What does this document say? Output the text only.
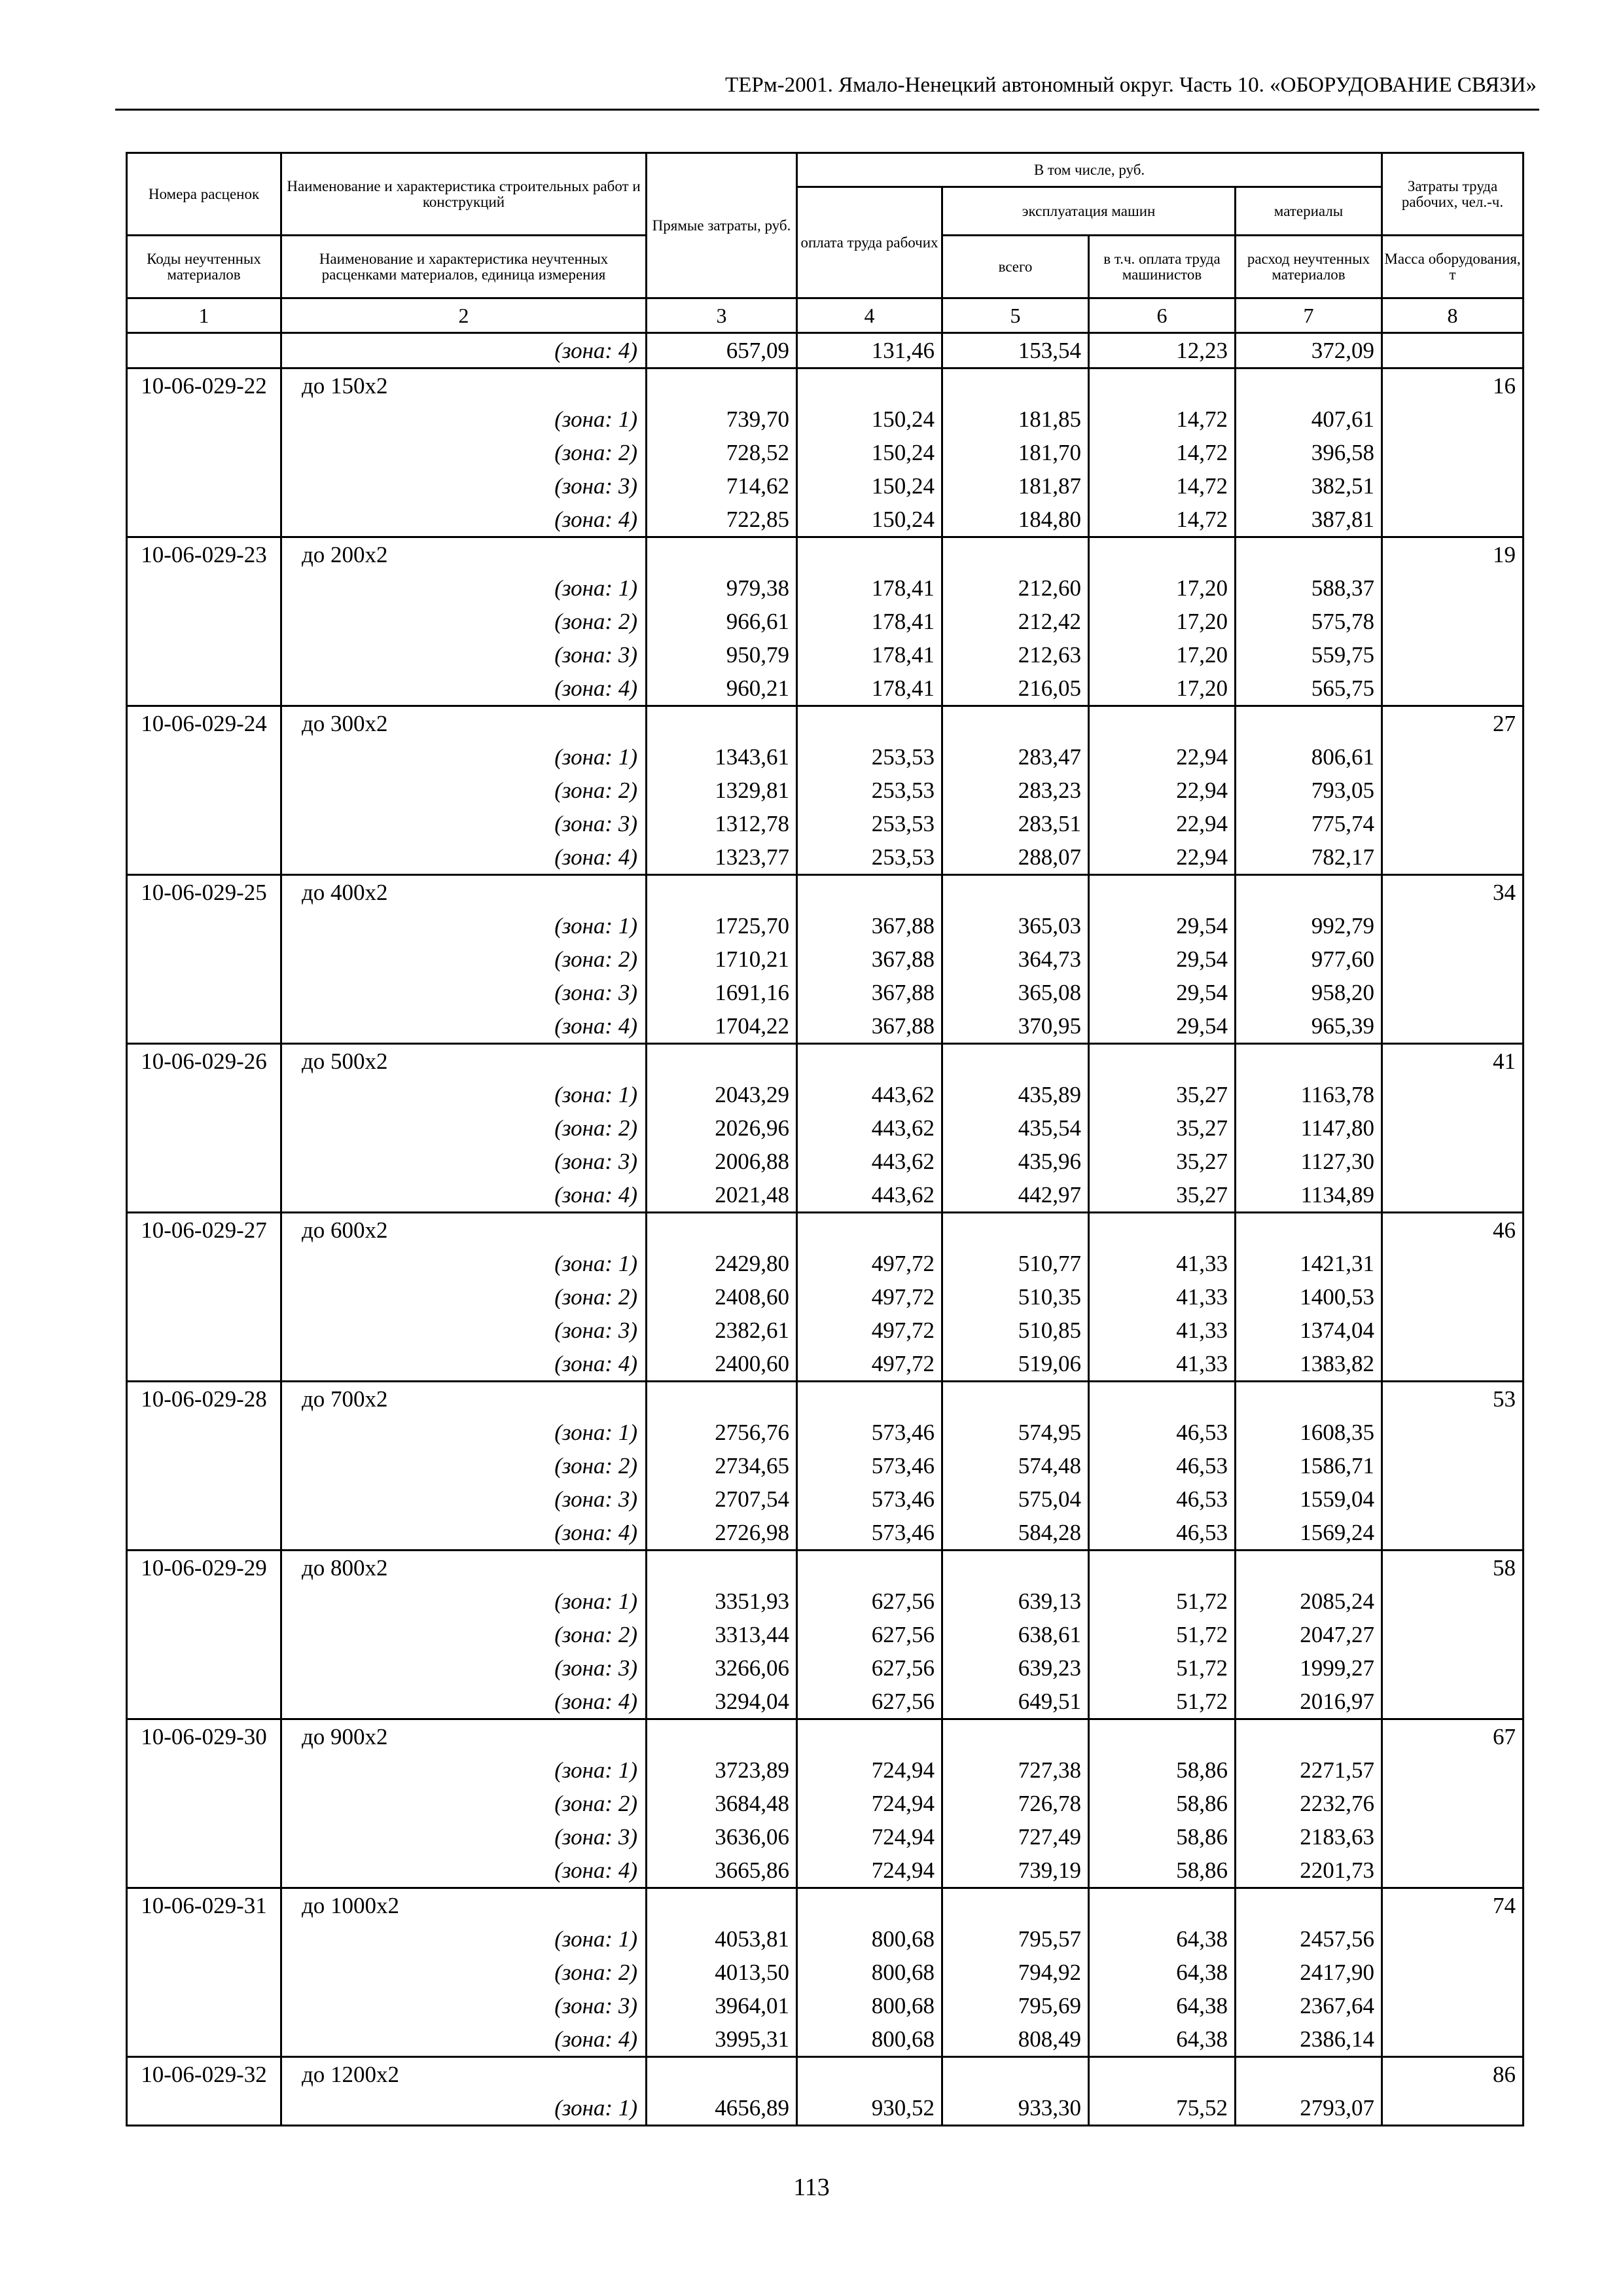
ТЕРм-2001. Ямало-Ненецкий автономный округ. Часть 10. «ОБОРУДОВАНИЕ СВЯЗИ»
Номера расценок	Наименование и характеристика строительных работ и конструкций	Прямые затраты, руб.	В том числе, руб.				Затраты труда рабочих, чел.-ч.
			оплата труда рабочих	эксплуатация машин		материалы	
Коды неучтенных материалов	Наименование и характеристика неучтенных расценками материалов, единица измерения			всего	в т.ч. оплата труда машинистов	расход неучтенных материалов	Масса оборудования, т
1	2	3	4	5	6	7	8
	(зона: 4)	657,09	131,46	153,54	12,23	372,09	
10-06-029-22	до 150х2						16
	(зона: 1)	739,70	150,24	181,85	14,72	407,61	
	(зона: 2)	728,52	150,24	181,70	14,72	396,58	
	(зона: 3)	714,62	150,24	181,87	14,72	382,51	
	(зона: 4)	722,85	150,24	184,80	14,72	387,81	
10-06-029-23	до 200х2						19
	(зона: 1)	979,38	178,41	212,60	17,20	588,37	
	(зона: 2)	966,61	178,41	212,42	17,20	575,78	
	(зона: 3)	950,79	178,41	212,63	17,20	559,75	
	(зона: 4)	960,21	178,41	216,05	17,20	565,75	
10-06-029-24	до 300х2						27
	(зона: 1)	1343,61	253,53	283,47	22,94	806,61	
	(зона: 2)	1329,81	253,53	283,23	22,94	793,05	
	(зона: 3)	1312,78	253,53	283,51	22,94	775,74	
	(зона: 4)	1323,77	253,53	288,07	22,94	782,17	
10-06-029-25	до 400х2						34
	(зона: 1)	1725,70	367,88	365,03	29,54	992,79	
	(зона: 2)	1710,21	367,88	364,73	29,54	977,60	
	(зона: 3)	1691,16	367,88	365,08	29,54	958,20	
	(зона: 4)	1704,22	367,88	370,95	29,54	965,39	
10-06-029-26	до 500х2						41
	(зона: 1)	2043,29	443,62	435,89	35,27	1163,78	
	(зона: 2)	2026,96	443,62	435,54	35,27	1147,80	
	(зона: 3)	2006,88	443,62	435,96	35,27	1127,30	
	(зона: 4)	2021,48	443,62	442,97	35,27	1134,89	
10-06-029-27	до 600х2						46
	(зона: 1)	2429,80	497,72	510,77	41,33	1421,31	
	(зона: 2)	2408,60	497,72	510,35	41,33	1400,53	
	(зона: 3)	2382,61	497,72	510,85	41,33	1374,04	
	(зона: 4)	2400,60	497,72	519,06	41,33	1383,82	
10-06-029-28	до 700х2						53
	(зона: 1)	2756,76	573,46	574,95	46,53	1608,35	
	(зона: 2)	2734,65	573,46	574,48	46,53	1586,71	
	(зона: 3)	2707,54	573,46	575,04	46,53	1559,04	
	(зона: 4)	2726,98	573,46	584,28	46,53	1569,24	
10-06-029-29	до 800х2						58
	(зона: 1)	3351,93	627,56	639,13	51,72	2085,24	
	(зона: 2)	3313,44	627,56	638,61	51,72	2047,27	
	(зона: 3)	3266,06	627,56	639,23	51,72	1999,27	
	(зона: 4)	3294,04	627,56	649,51	51,72	2016,97	
10-06-029-30	до 900х2						67
	(зона: 1)	3723,89	724,94	727,38	58,86	2271,57	
	(зона: 2)	3684,48	724,94	726,78	58,86	2232,76	
	(зона: 3)	3636,06	724,94	727,49	58,86	2183,63	
	(зона: 4)	3665,86	724,94	739,19	58,86	2201,73	
10-06-029-31	до 1000х2						74
	(зона: 1)	4053,81	800,68	795,57	64,38	2457,56	
	(зона: 2)	4013,50	800,68	794,92	64,38	2417,90	
	(зона: 3)	3964,01	800,68	795,69	64,38	2367,64	
	(зона: 4)	3995,31	800,68	808,49	64,38	2386,14	
10-06-029-32	до 1200х2						86
	(зона: 1)	4656,89	930,52	933,30	75,52	2793,07	
113
